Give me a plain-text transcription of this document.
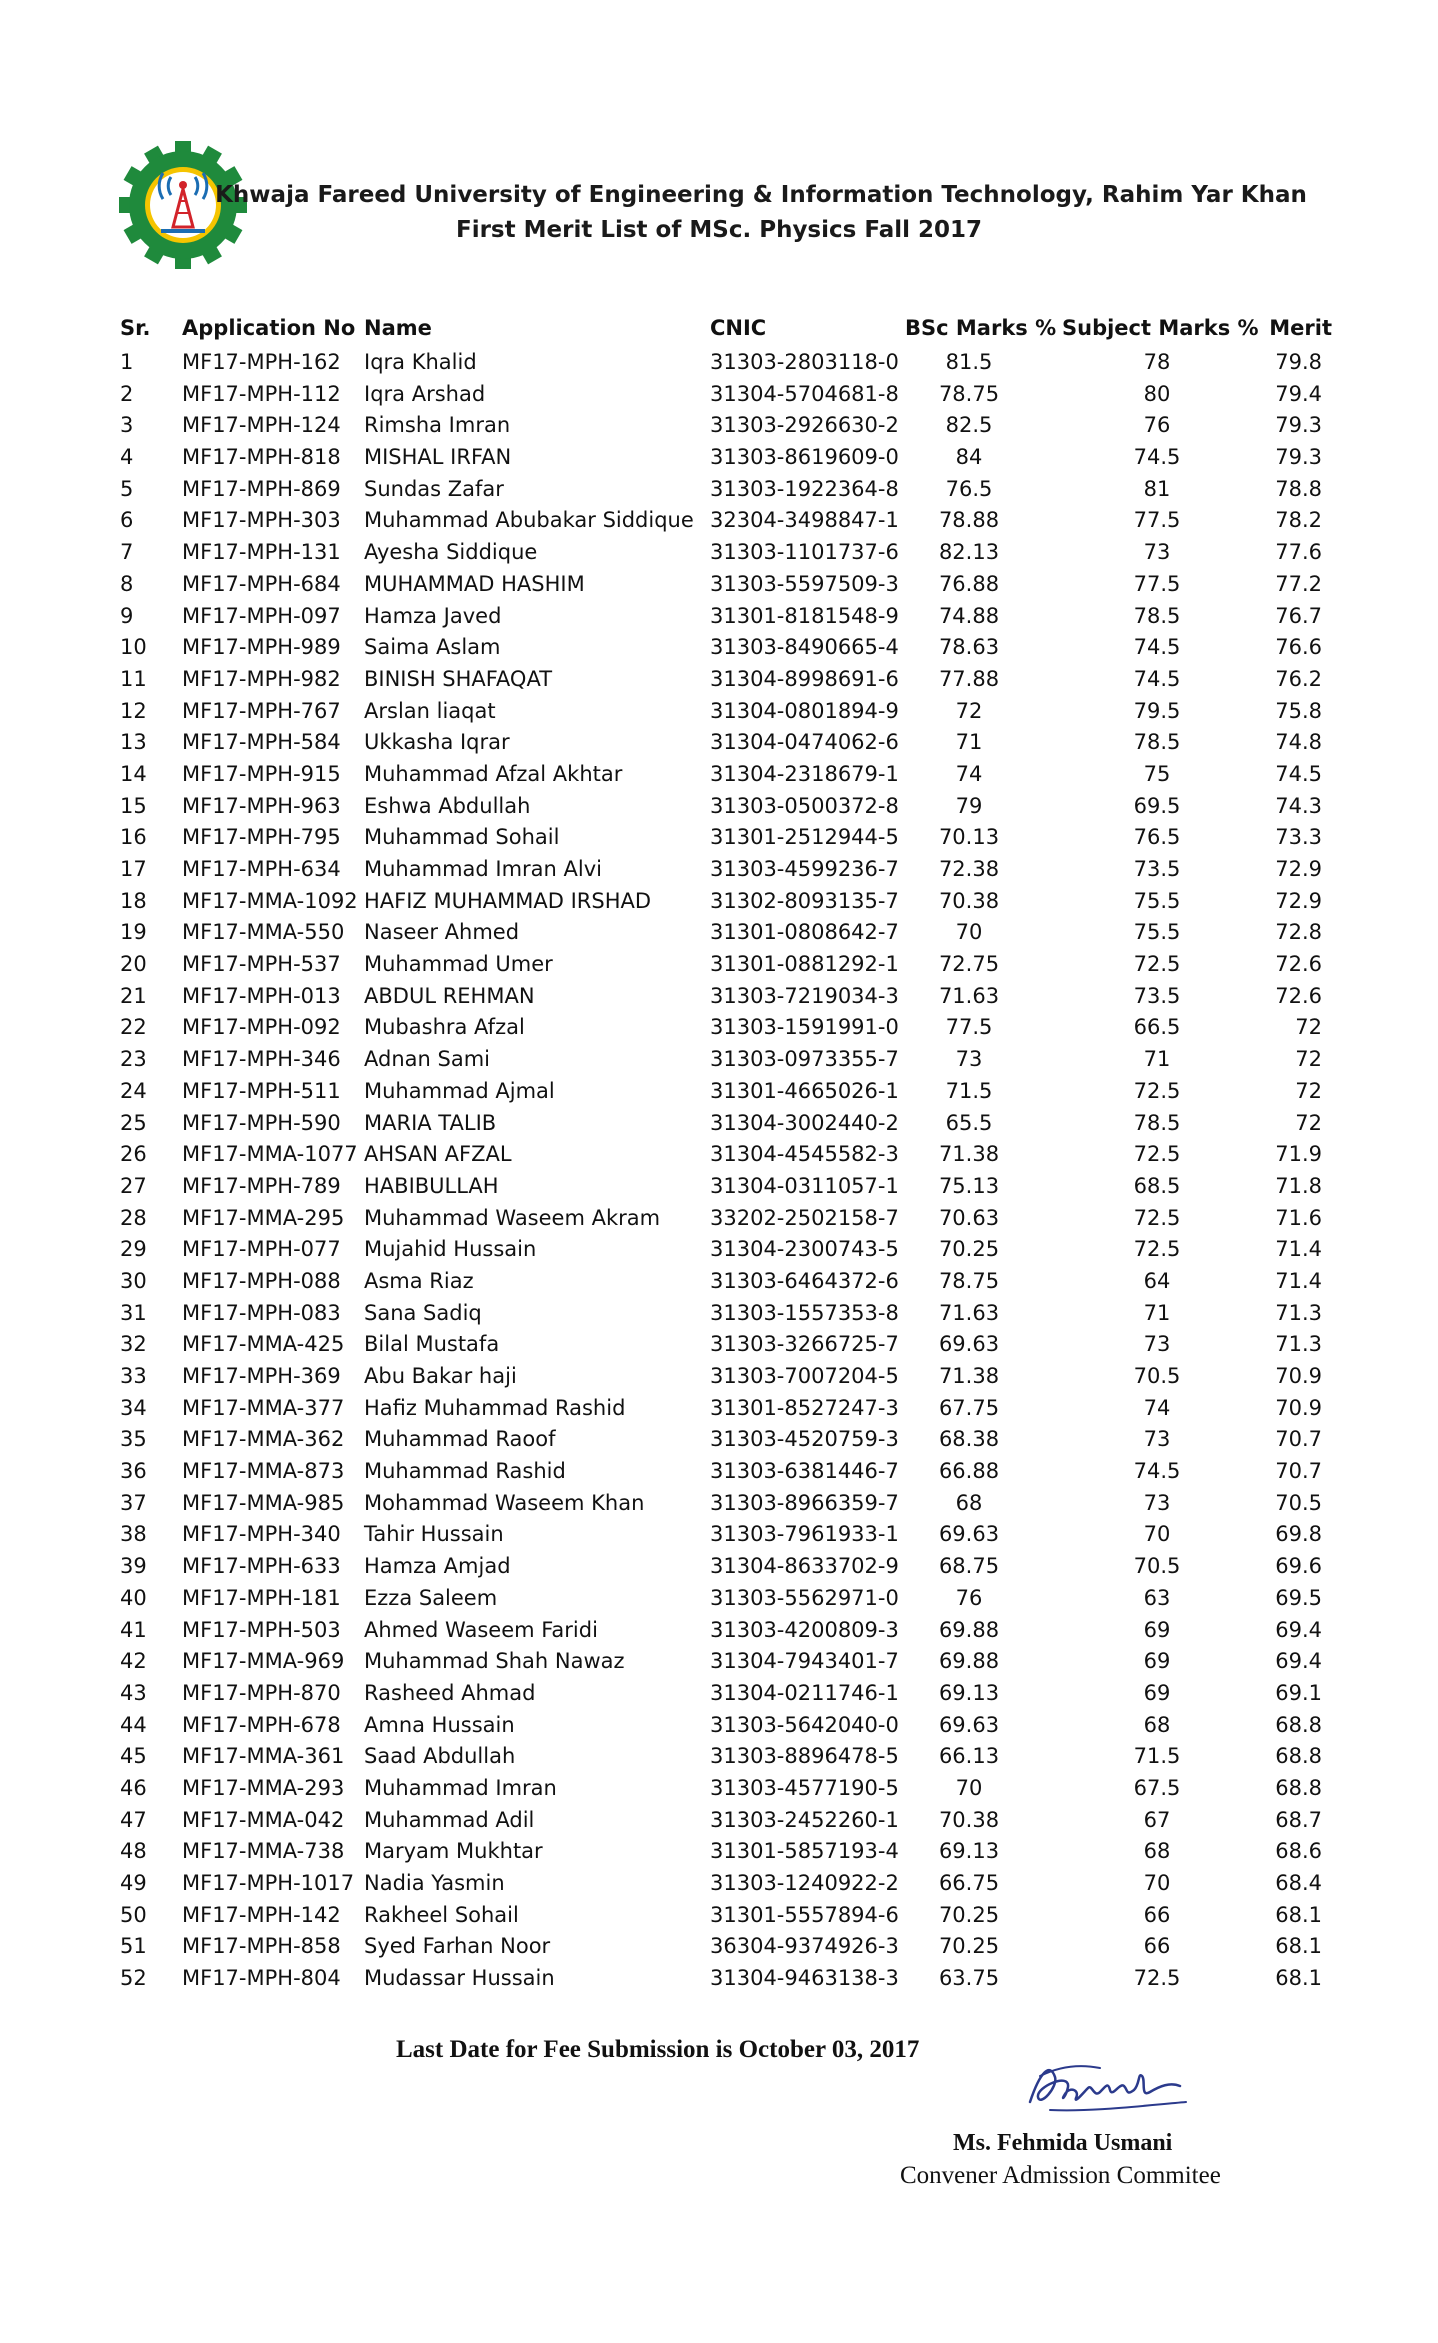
Khwaja Fareed University of Engineering & Information Technology, Rahim Yar Khan
First Merit List of MSc. Physics Fall 2017
Sr. Application No Name	CNIC	BSc Marks % Subject Marks % Merit
1 MF17-MPH-162	Iqra Khalid	31303-2803118-0	81.5	78	79.8
2 MF17-MPH-112	Iqra Arshad	31304-5704681-8	78.75	80	79.4
3 MF17-MPH-124	Rimsha Imran	31303-2926630-2	82.5	76	79.3
4 MF17-MPH-818	MISHAL IRFAN	31303-8619609-0	84	74.5	79.3
5 MF17-MPH-869	Sundas Zafar	31303-1922364-8	76.5	81	78.8
6 MF17-MPH-303	Muhammad Abubakar Siddique 32304-3498847-1	78.88	77.5	78.2
7 MF17-MPH-131	Ayesha Siddique	31303-1101737-6	82.13	73	77.6
8 MF17-MPH-684	MUHAMMAD HASHIM	31303-5597509-3	76.88	77.5	77.2
9 MF17-MPH-097	Hamza Javed	31301-8181548-9	74.88	78.5	76.7
10 MF17-MPH-989	Saima Aslam	31303-8490665-4	78.63	74.5	76.6
11 MF17-MPH-982	BINISH SHAFAQAT	31304-8998691-6	77.88	74.5	76.2
12 MF17-MPH-767	Arslan liaqat	31304-0801894-9	72	79.5	75.8
13 MF17-MPH-584	Ukkasha Iqrar	31304-0474062-6	71	78.5	74.8
14 MF17-MPH-915	Muhammad Afzal Akhtar	31304-2318679-1	74	75	74.5
15 MF17-MPH-963	Eshwa Abdullah	31303-0500372-8	79	69.5	74.3
16 MF17-MPH-795	Muhammad Sohail	31301-2512944-5	70.13	76.5	73.3
17 MF17-MPH-634	Muhammad Imran Alvi	31303-4599236-7	72.38	73.5	72.9
18 MF17-MMA-1092 HAFIZ MUHAMMAD IRSHAD	31302-8093135-7	70.38	75.5	72.9
19 MF17-MMA-550 Naseer Ahmed	31301-0808642-7	70	75.5	72.8
20 MF17-MPH-537	Muhammad Umer	31301-0881292-1	72.75	72.5	72.6
21 MF17-MPH-013	ABDUL REHMAN	31303-7219034-3	71.63	73.5	72.6
22 MF17-MPH-092	Mubashra Afzal	31303-1591991-0	77.5	66.5	72
23 MF17-MPH-346	Adnan Sami	31303-0973355-7	73	71	72
24 MF17-MPH-511	Muhammad Ajmal	31301-4665026-1	71.5	72.5	72
25 MF17-MPH-590	MARIA TALIB	31304-3002440-2	65.5	78.5	72
26 MF17-MMA-1077 AHSAN AFZAL	31304-4545582-3	71.38	72.5	71.9
27 MF17-MPH-789	HABIBULLAH	31304-0311057-1	75.13	68.5	71.8
28 MF17-MMA-295 Muhammad Waseem Akram 33202-2502158-7	70.63	72.5	71.6
29 MF17-MPH-077	Mujahid Hussain	31304-2300743-5	70.25	72.5	71.4
30 MF17-MPH-088	Asma Riaz	31303-6464372-6	78.75	64	71.4
31 MF17-MPH-083	Sana Sadiq	31303-1557353-8	71.63	71	71.3
32 MF17-MMA-425 Bilal Mustafa	31303-3266725-7	69.63	73	71.3
33 MF17-MPH-369	Abu Bakar haji	31303-7007204-5	71.38	70.5	70.9
34 MF17-MMA-377 Hafiz Muhammad Rashid	31301-8527247-3	67.75	74	70.9
35 MF17-MMA-362 Muhammad Raoof	31303-4520759-3	68.38	73	70.7
36 MF17-MMA-873 Muhammad Rashid	31303-6381446-7	66.88	74.5	70.7
37 MF17-MMA-985 Mohammad Waseem Khan	31303-8966359-7	68	73	70.5
38 MF17-MPH-340	Tahir Hussain	31303-7961933-1	69.63	70	69.8
39 MF17-MPH-633	Hamza Amjad	31304-8633702-9	68.75	70.5	69.6
40 MF17-MPH-181	Ezza Saleem	31303-5562971-0	76	63	69.5
41 MF17-MPH-503	Ahmed Waseem Faridi	31303-4200809-3	69.88	69	69.4
42 MF17-MMA-969 Muhammad Shah Nawaz	31304-7943401-7	69.88	69	69.4
43 MF17-MPH-870	Rasheed Ahmad	31304-0211746-1	69.13	69	69.1
44 MF17-MPH-678	Amna Hussain	31303-5642040-0	69.63	68	68.8
45 MF17-MMA-361 Saad Abdullah	31303-8896478-5	66.13	71.5	68.8
46 MF17-MMA-293 Muhammad Imran	31303-4577190-5	70	67.5	68.8
47 MF17-MMA-042 Muhammad Adil	31303-2452260-1	70.38	67	68.7
48 MF17-MMA-738 Maryam Mukhtar	31301-5857193-4	69.13	68	68.6
49 MF17-MPH-1017 Nadia Yasmin	31303-1240922-2	66.75	70	68.4
50 MF17-MPH-142	Rakheel Sohail	31301-5557894-6	70.25	66	68.1
51 MF17-MPH-858	Syed Farhan Noor	36304-9374926-3	70.25	66	68.1
52 MF17-MPH-804	Mudassar Hussain	31304-9463138-3	63.75	72.5	68.1
Last Date for Fee Submission is October 03, 2017
Ms. Fehmida Usmani
Convener Admission Commitee
